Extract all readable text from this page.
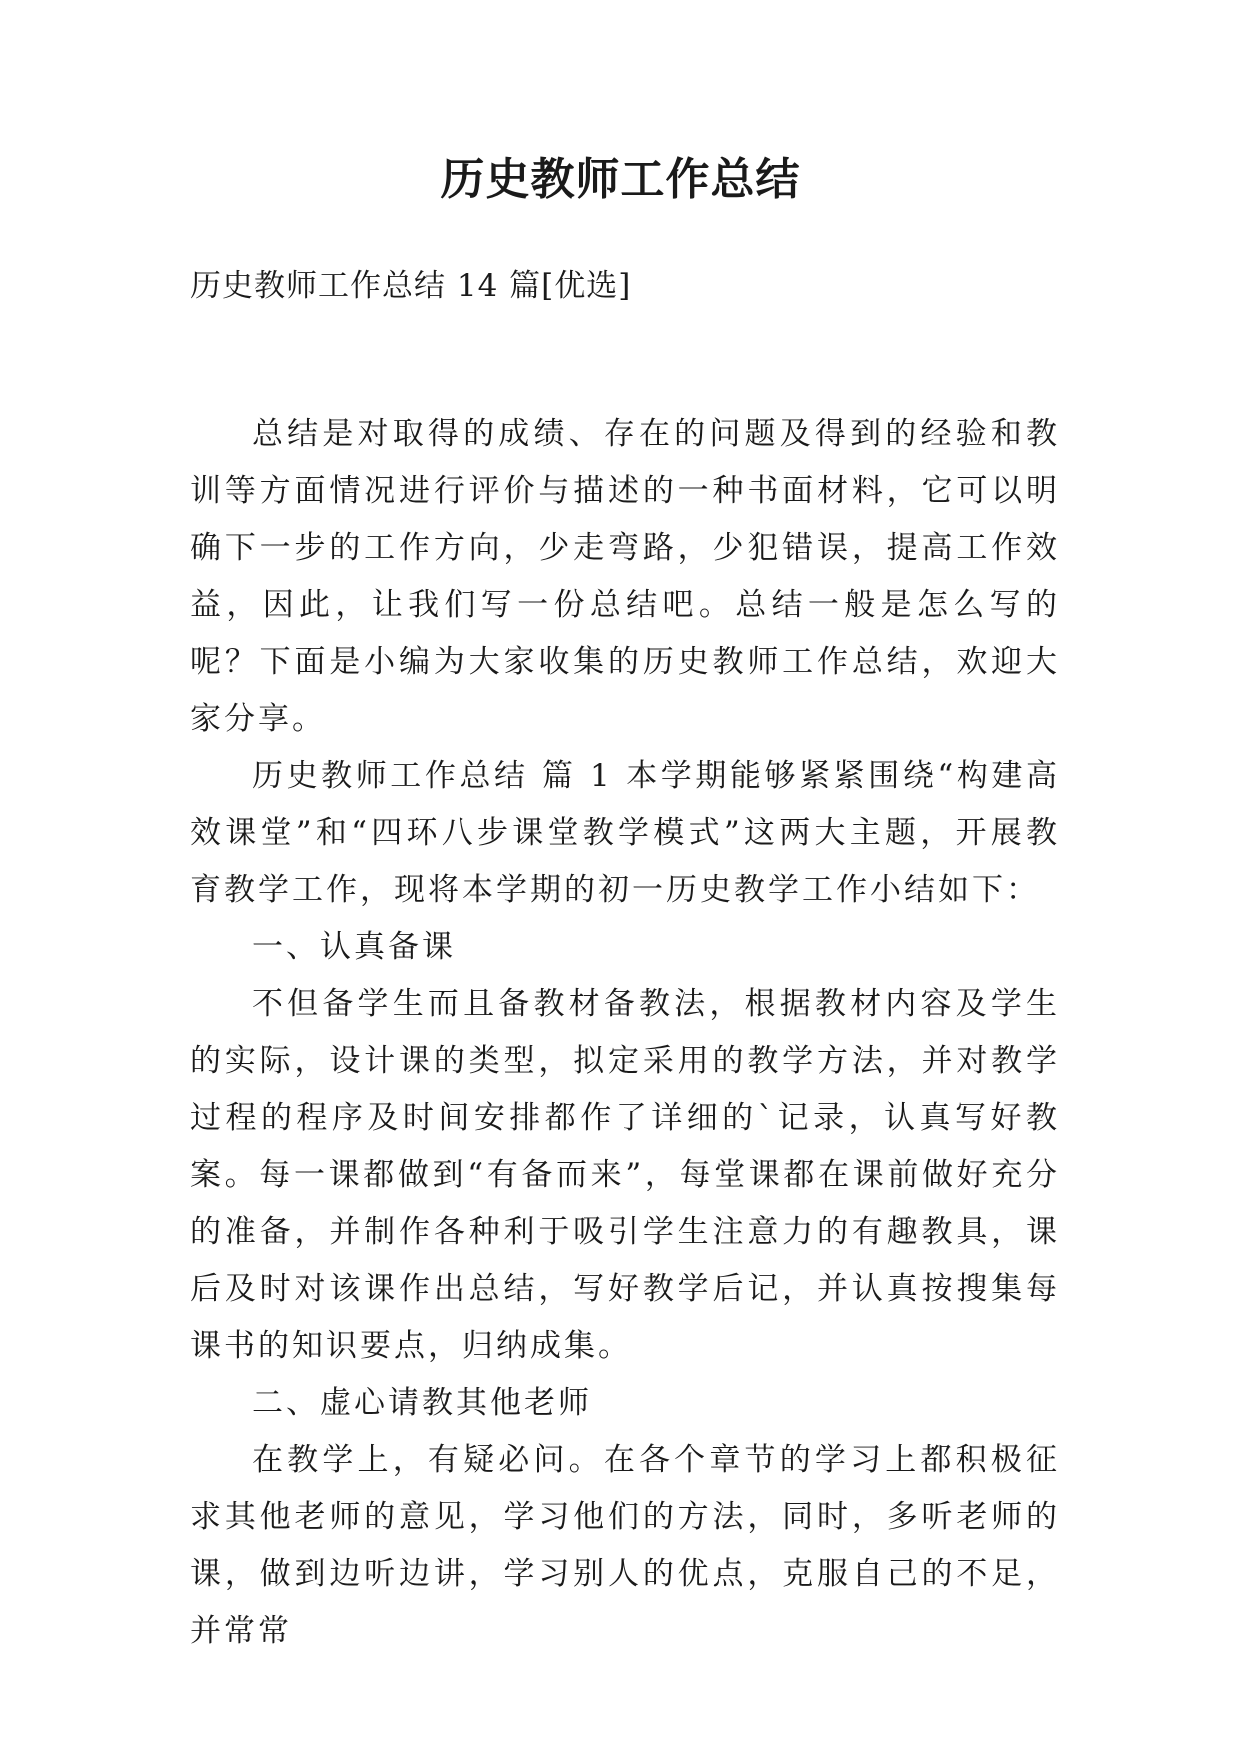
历史教师工作总结
历史教师工作总结 14 篇[优选]

总结是对取得的成绩、存在的问题及得到的经验和教训等方面情况进行评价与描述的一种书面材料，它可以明确下一步的工作方向，少走弯路，少犯错误，提高工作效益，因此，让我们写一份总结吧。总结一般是怎么写的呢？下面是小编为大家收集的历史教师工作总结，欢迎大家分享。

历史教师工作总结 篇 1 本学期能够紧紧围绕“构建高效课堂”和“四环八步课堂教学模式”这两大主题，开展教育教学工作，现将本学期的初一历史教学工作小结如下：

一、认真备课

不但备学生而且备教材备教法，根据教材内容及学生的实际，设计课的类型，拟定采用的教学方法，并对教学过程的程序及时间安排都作了详细的`记录，认真写好教案。每一课都做到“有备而来”，每堂课都在课前做好充分的准备，并制作各种利于吸引学生注意力的有趣教具，课后及时对该课作出总结，写好教学后记，并认真按搜集每课书的知识要点，归纳成集。

二、虚心请教其他老师

在教学上，有疑必问。在各个章节的学习上都积极征求其他老师的意见，学习他们的方法，同时，多听老师的课，做到边听边讲，学习别人的优点，克服自己的不足，并常常
